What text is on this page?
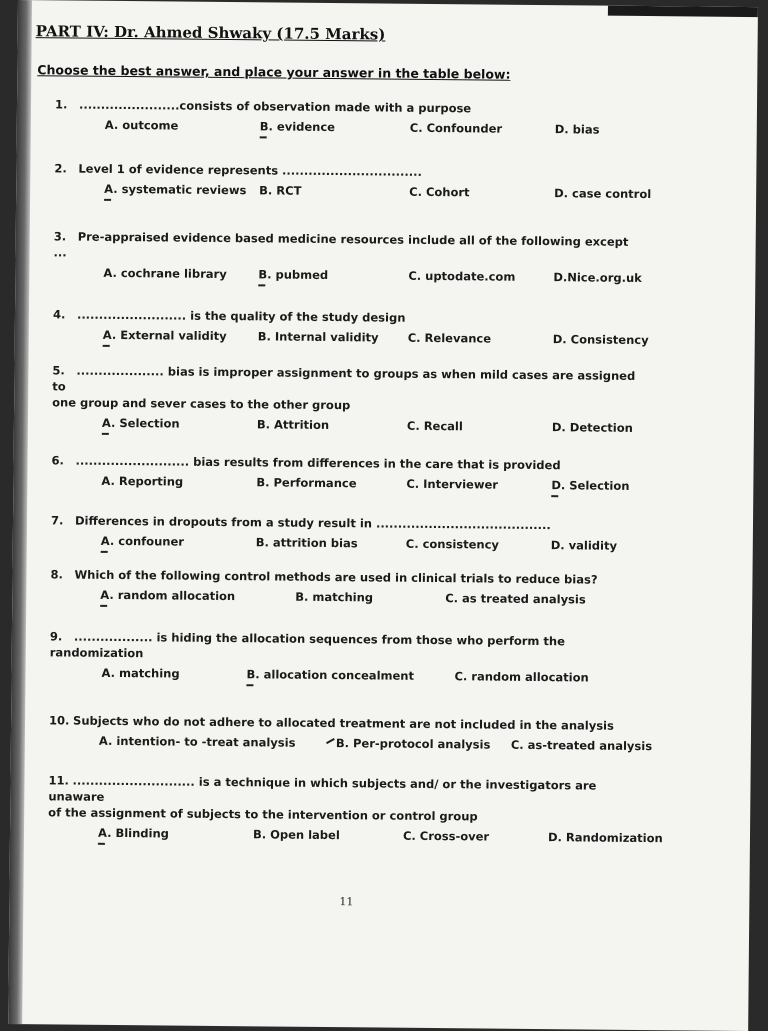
PART IV: Dr. Ahmed Shwaky (17.5 Marks)
Choose the best answer, and place your answer in the table below:
1. .......................consists of observation made with a purpose
A. outcome	B. evidence	C. Confounder	D. bias
2. Level 1 of evidence represents ................................
A. systematic reviews B. RCT	C. Cohort	D. case control
3. Pre-appraised evidence based medicine resources include all of the following except
...
A. cochrane library	B. pubmed	C. uptodate.com	D.Nice.org.uk
4. ......................... is the quality of the study design
A. External validity	B. Internal validity	C. Relevance	D. Consistency
5. .................... bias is improper assignment to groups as when mild cases are assigned to
one group and sever cases to the other group
A. Selection	B. Attrition	C. Recall	D. Detection
6. .......................... bias results from differences in the care that is provided
A. Reporting	B. Performance	C. Interviewer	D. Selection
7. Differences in dropouts from a study result in ........................................
A. confouner	B. attrition bias	C. consistency	D. validity
8. Which of the following control methods are used in clinical trials to reduce bias?
A. random allocation	B. matching	C. as treated analysis
9. .................. is hiding the allocation sequences from those who perform the
randomization
A. matching	B. allocation concealment	C. random allocation
10. Subjects who do not adhere to allocated treatment are not included in the analysis
A. intention- to -treat analysis	B. Per-protocol analysis C. as-treated analysis
11. ............................ is a technique in which subjects and/ or the investigators are unaware
of the assignment of subjects to the intervention or control group
A. Blinding	B. Open label	C. Cross-over	D. Randomization
11
